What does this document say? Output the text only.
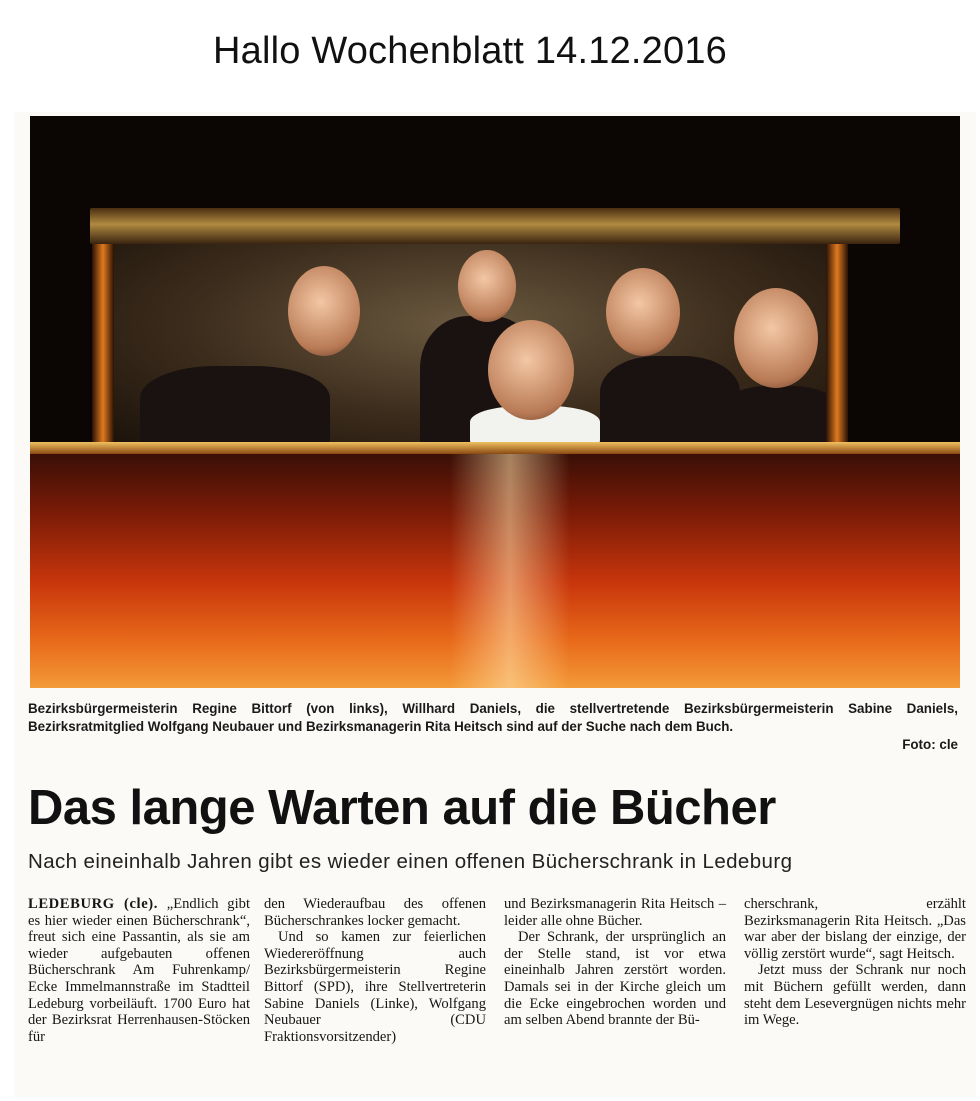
Hallo Wochenblatt 14.12.2016
Bezirksbürgermeisterin Regine Bittorf (von links), Willhard Daniels, die stellvertretende Bezirksbürgermeisterin Sabine Daniels, Bezirksratmitglied Wolfgang Neubauer und Bezirksmanagerin Rita Heitsch sind auf der Suche nach dem Buch.
Foto: cle
Das lange Warten auf die Bücher
Nach eineinhalb Jahren gibt es wieder einen offenen Bücherschrank in Ledeburg

LEDEBURG (cle). „Endlich gibt es hier wieder einen Bücherschrank“, freut sich eine Passantin, als sie am wieder aufgebauten offenen Bücherschrank Am Fuhrenkamp/ Ecke Immelmannstraße im Stadtteil Ledeburg vorbeiläuft. 1700 Euro hat der Bezirksrat Herrenhausen-Stöcken für

den Wiederaufbau des offenen Bücherschrankes locker gemacht.

Und so kamen zur feierlichen Wiedereröffnung auch Bezirksbürgermeisterin Regine Bittorf (SPD), ihre Stellvertreterin Sabine Daniels (Linke), Wolfgang Neubauer (CDU Fraktionsvorsitzender)

und Bezirksmanagerin Rita Heitsch – leider alle ohne Bücher.

Der Schrank, der ursprünglich an der Stelle stand, ist vor etwa eineinhalb Jahren zerstört worden. Damals sei in der Kirche gleich um die Ecke eingebrochen worden und am selben Abend brannte der Bü-

cherschrank, erzählt Bezirksmanagerin Rita Heitsch. „Das war aber der bislang der einzige, der völlig zerstört wurde“, sagt Heitsch.

Jetzt muss der Schrank nur noch mit Büchern gefüllt werden, dann steht dem Lesevergnügen nichts mehr im Wege.
